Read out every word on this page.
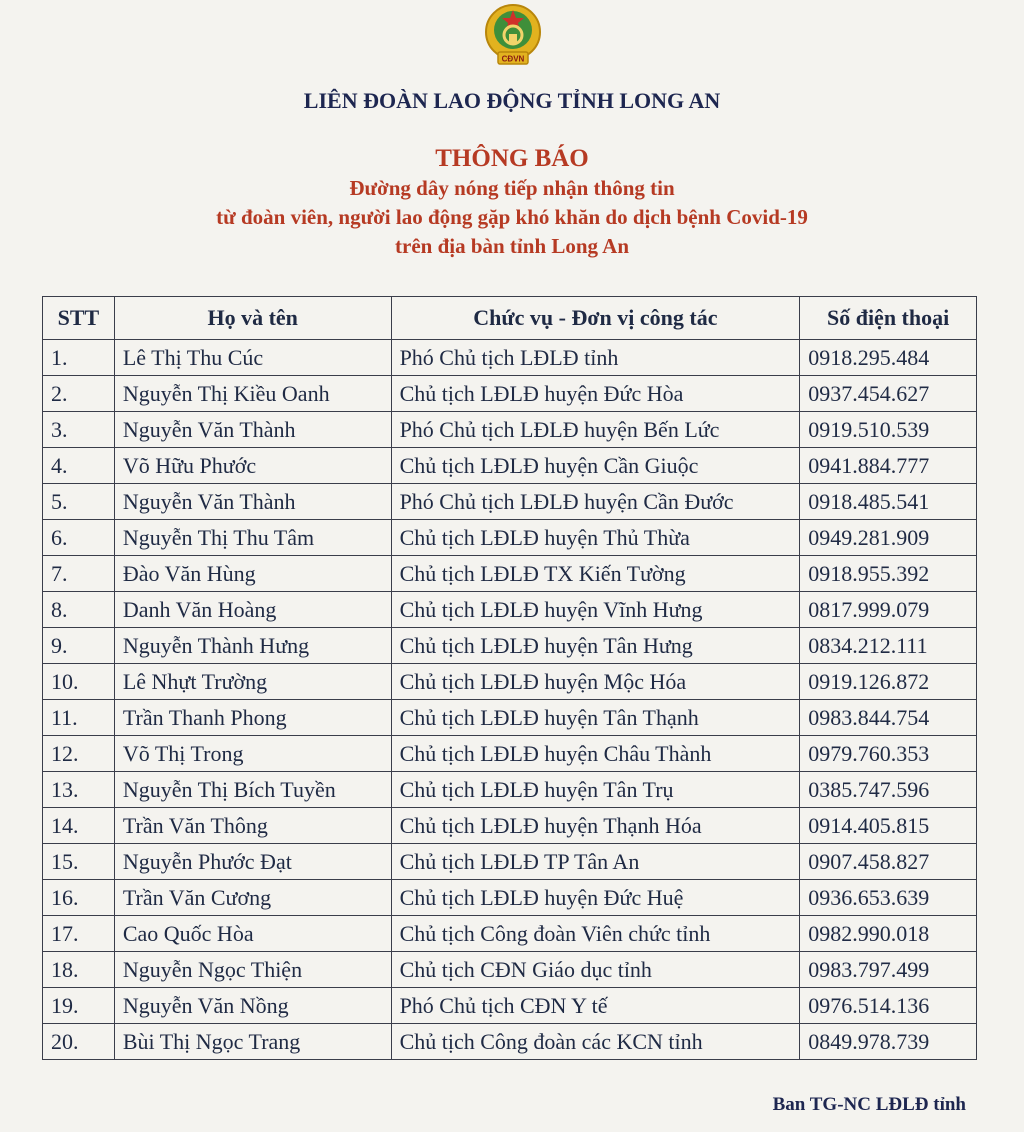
CĐVN
LIÊN ĐOÀN LAO ĐỘNG TỈNH LONG AN
THÔNG BÁO
Đường dây nóng tiếp nhận thông tin
từ đoàn viên, người lao động gặp khó khăn do dịch bệnh Covid-19
trên địa bàn tỉnh Long An
STT	Họ và tên	Chức vụ - Đơn vị công tác	Số điện thoại
1.	Lê Thị Thu Cúc	Phó Chủ tịch LĐLĐ tỉnh	0918.295.484
2.	Nguyễn Thị Kiều Oanh	Chủ tịch LĐLĐ huyện Đức Hòa	0937.454.627
3.	Nguyễn Văn Thành	Phó Chủ tịch LĐLĐ huyện Bến Lức	0919.510.539
4.	Võ Hữu Phước	Chủ tịch LĐLĐ huyện Cần Giuộc	0941.884.777
5.	Nguyễn Văn Thành	Phó Chủ tịch LĐLĐ huyện Cần Đước	0918.485.541
6.	Nguyễn Thị Thu Tâm	Chủ tịch LĐLĐ huyện Thủ Thừa	0949.281.909
7.	Đào Văn Hùng	Chủ tịch LĐLĐ TX Kiến Tường	0918.955.392
8.	Danh Văn Hoàng	Chủ tịch LĐLĐ huyện Vĩnh Hưng	0817.999.079
9.	Nguyễn Thành Hưng	Chủ tịch LĐLĐ huyện Tân Hưng	0834.212.111
10.	Lê Nhựt Trường	Chủ tịch LĐLĐ huyện Mộc Hóa	0919.126.872
11.	Trần Thanh Phong	Chủ tịch LĐLĐ huyện Tân Thạnh	0983.844.754
12.	Võ Thị Trong	Chủ tịch LĐLĐ huyện Châu Thành	0979.760.353
13.	Nguyễn Thị Bích Tuyền	Chủ tịch LĐLĐ huyện Tân Trụ	0385.747.596
14.	Trần Văn Thông	Chủ tịch LĐLĐ huyện Thạnh Hóa	0914.405.815
15.	Nguyễn Phước Đạt	Chủ tịch LĐLĐ TP Tân An	0907.458.827
16.	Trần Văn Cương	Chủ tịch LĐLĐ huyện Đức Huệ	0936.653.639
17.	Cao Quốc Hòa	Chủ tịch Công đoàn Viên chức tỉnh	0982.990.018
18.	Nguyễn Ngọc Thiện	Chủ tịch CĐN Giáo dục tỉnh	0983.797.499
19.	Nguyễn Văn Nồng	Phó Chủ tịch CĐN Y tế	0976.514.136
20.	Bùi Thị Ngọc Trang	Chủ tịch Công đoàn các KCN tỉnh	0849.978.739
Ban TG-NC LĐLĐ tỉnh
